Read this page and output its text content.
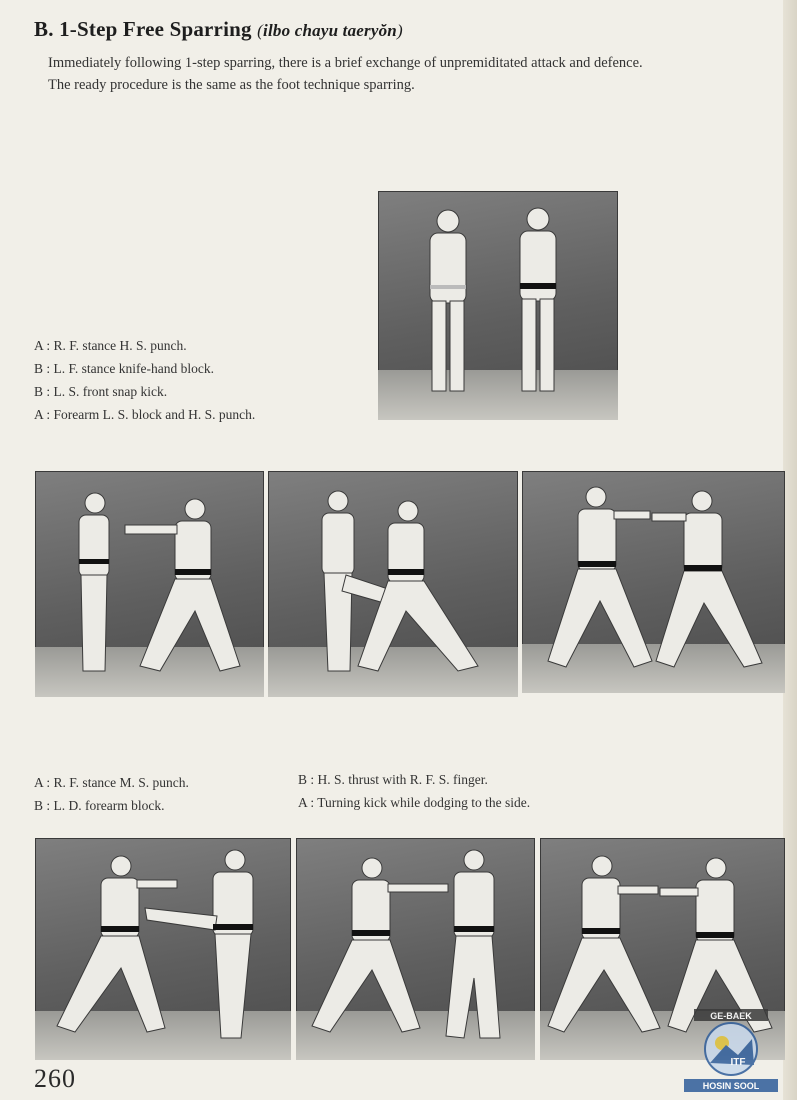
B. 1-Step Free Sparring (ilbo chayu taeryŏn)

Immediately following 1-step sparring, there is a brief exchange of unpremiditated attack and defence.

The ready procedure is the same as the foot technique sparring.

A : R. F. stance H. S. punch.
B : L. F. stance knife-hand block.
B : L. S. front snap kick.
A : Forearm L. S. block and H. S. punch.
A : R. F. stance M. S. punch.
B : L. D. forearm block.
B : H. S. thrust with R. F. S. finger.
A : Turning kick while dodging to the side.
260
GE-BAEK
ITF
HOSIN SOOL
